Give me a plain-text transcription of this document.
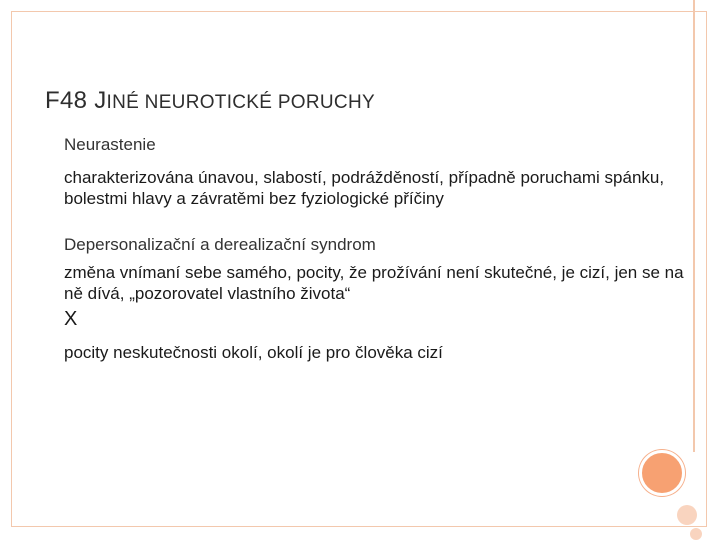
F48 JINÉ NEUROTICKÉ PORUCHY

Neurastenie

charakterizována únavou, slabostí, podrážděností, případně poruchami spánku, bolestmi hlavy a závratěmi bez fyziologické příčiny

Depersonalizační a derealizační syndrom

změna vnímaní sebe samého, pocity, že prožívání není skutečné, je cizí, jen se na ně dívá, „pozorovatel vlastního života“

X

pocity neskutečnosti okolí, okolí je pro člověka cizí
